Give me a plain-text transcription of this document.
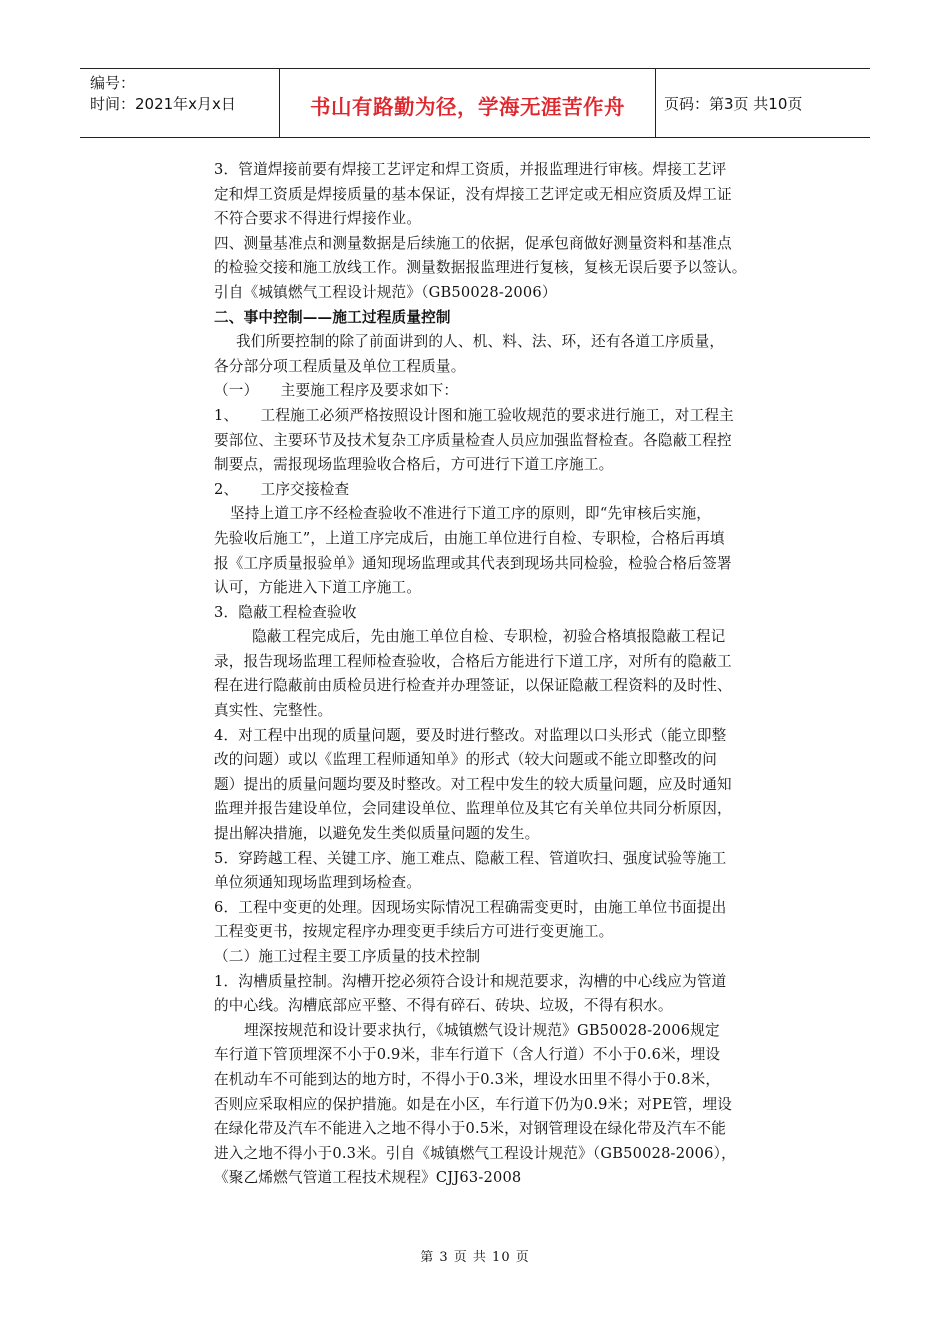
编号：
时间：2021年x月x日	书山有路勤为径，学海无涯苦作舟	页码：第3页 共10页

3．管道焊接前要有焊接工艺评定和焊工资质，并报监理进行审核。焊接工艺评

定和焊工资质是焊接质量的基本保证，没有焊接工艺评定或无相应资质及焊工证

不符合要求不得进行焊接作业。

四、测量基准点和测量数据是后续施工的依据，促承包商做好测量资料和基准点

的检验交接和施工放线工作。测量数据报监理进行复核，复核无误后要予以签认。

引自《城镇燃气工程设计规范》（GB50028-2006）

二、事中控制——施工过程质量控制

我们所要控制的除了前面讲到的人、机、料、法、环，还有各道工序质量，

各分部分项工程质量及单位工程质量。

（一）　　主要施工程序及要求如下：

1、　　工程施工必须严格按照设计图和施工验收规范的要求进行施工，对工程主

要部位、主要环节及技术复杂工序质量检查人员应加强监督检查。各隐蔽工程控

制要点，需报现场监理验收合格后，方可进行下道工序施工。

2、　　工序交接检查

坚持上道工序不经检查验收不准进行下道工序的原则，即“先审核后实施，

先验收后施工”，上道工序完成后，由施工单位进行自检、专职检，合格后再填

报《工序质量报验单》通知现场监理或其代表到现场共同检验，检验合格后签署

认可，方能进入下道工序施工。

3．隐蔽工程检查验收

隐蔽工程完成后，先由施工单位自检、专职检，初验合格填报隐蔽工程记

录，报告现场监理工程师检查验收，合格后方能进行下道工序，对所有的隐蔽工

程在进行隐蔽前由质检员进行检查并办理签证，以保证隐蔽工程资料的及时性、

真实性、完整性。

4．对工程中出现的质量问题，要及时进行整改。对监理以口头形式（能立即整

改的问题）或以《监理工程师通知单》的形式（较大问题或不能立即整改的问

题）提出的质量问题均要及时整改。对工程中发生的较大质量问题，应及时通知

监理并报告建设单位，会同建设单位、监理单位及其它有关单位共同分析原因，

提出解决措施，以避免发生类似质量问题的发生。

5．穿跨越工程、关键工序、施工难点、隐蔽工程、管道吹扫、强度试验等施工

单位须通知现场监理到场检查。

6．工程中变更的处理。因现场实际情况工程确需变更时，由施工单位书面提出

工程变更书，按规定程序办理变更手续后方可进行变更施工。

（二）施工过程主要工序质量的技术控制

1．沟槽质量控制。沟槽开挖必须符合设计和规范要求，沟槽的中心线应为管道

的中心线。沟槽底部应平整、不得有碎石、砖块、垃圾，不得有积水。

埋深按规范和设计要求执行，《城镇燃气设计规范》GB50028-2006规定

车行道下管顶埋深不小于0.9米，非车行道下（含人行道）不小于0.6米，埋设

在机动车不可能到达的地方时，不得小于0.3米，埋设水田里不得小于0.8米，

否则应采取相应的保护措施。如是在小区，车行道下仍为0.9米；对PE管，埋设

在绿化带及汽车不能进入之地不得小于0.5米，对钢管理设在绿化带及汽车不能

进入之地不得小于0.3米。引自《城镇燃气工程设计规范》（GB50028-2006），

《聚乙烯燃气管道工程技术规程》CJJ63-2008

第 3 页 共 10 页
